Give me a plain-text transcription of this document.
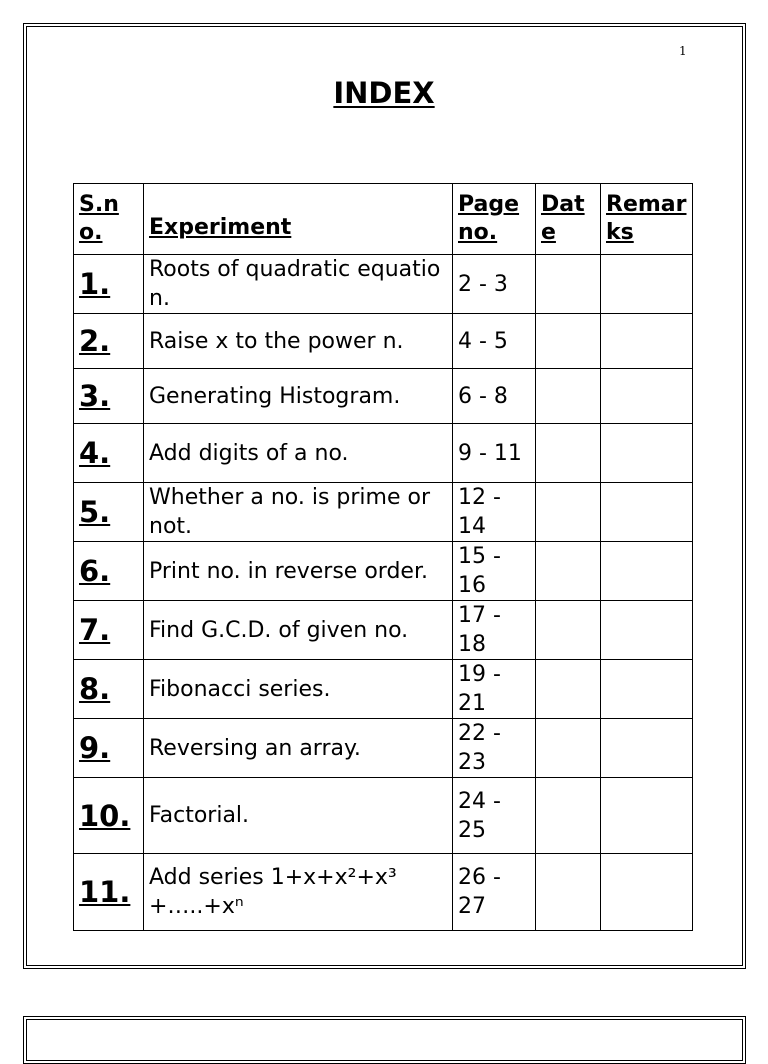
1
INDEX
S.no.	Experiment	Pageno.	Date	Remarks
1.	Roots of quadratic equation.	2 - 3		
2.	Raise x to the power n.	4 - 5		
3.	Generating Histogram.	6 - 8		
4.	Add digits of a no.	9 - 11		
5.	Whether a no. is prime or not.	12 - 14		
6.	Print no. in reverse order.	15 - 16		
7.	Find G.C.D. of given no.	17 - 18		
8.	Fibonacci series.	19 - 21		
9.	Reversing an array.	22 - 23		
10.	Factorial.	24 - 25		
11.	Add series 1+x+x²+x³+…..+xⁿ	26 - 27		
